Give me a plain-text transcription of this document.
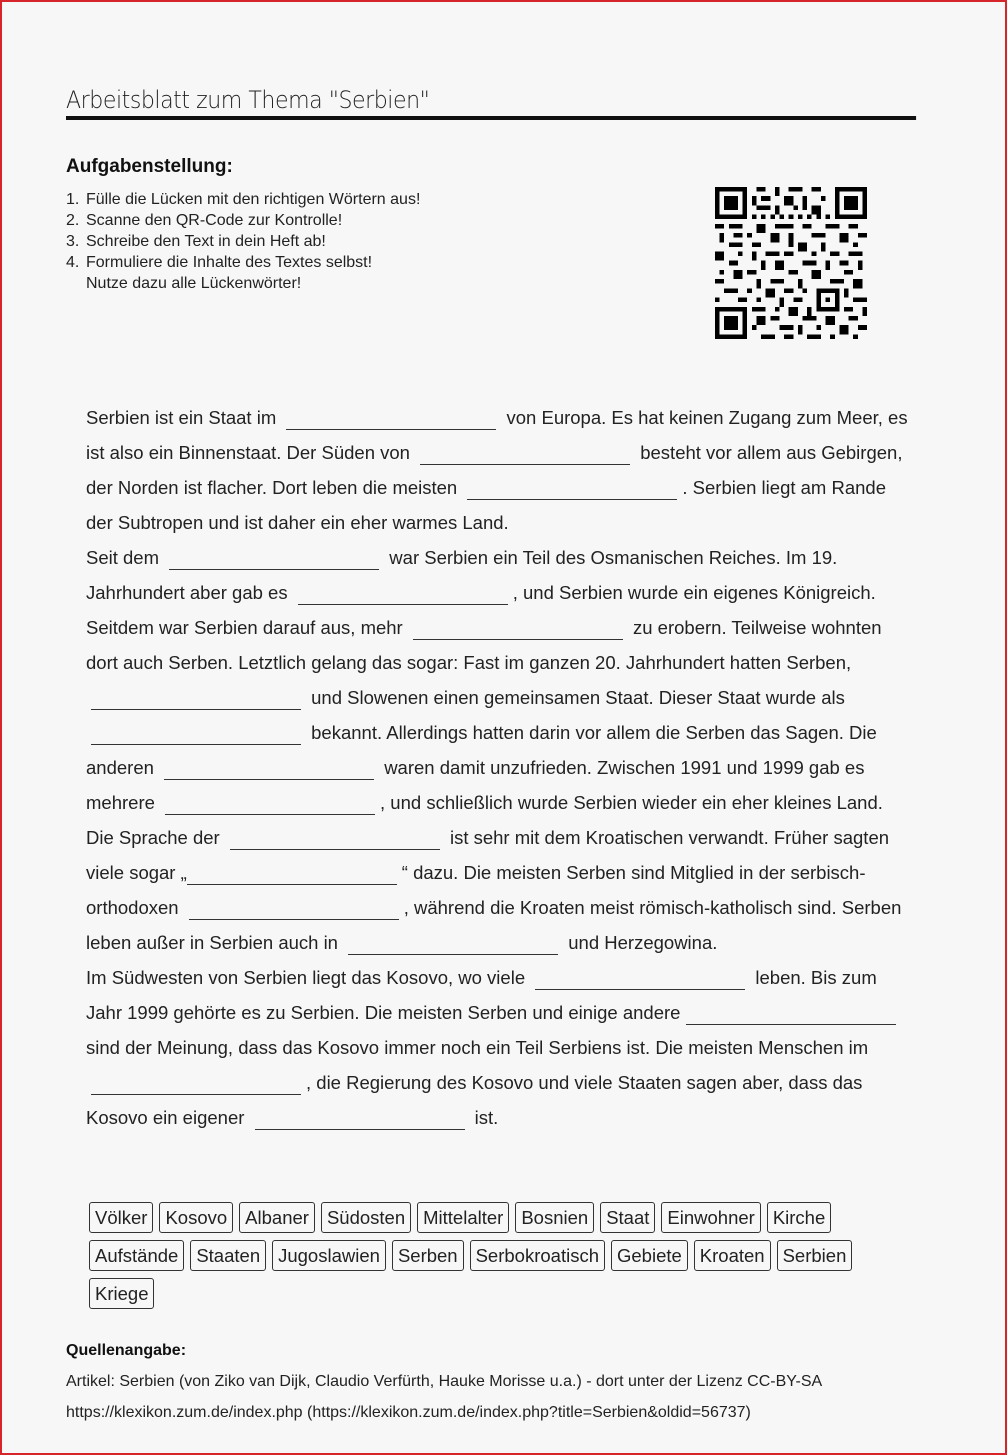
Arbeitsblatt zum Thema "Serbien"
Aufgabenstellung:
1. Fülle die Lücken mit den richtigen Wörtern aus!
2. Scanne den QR-Code zur Kontrolle!
3. Schreibe den Text in dein Heft ab!
4. Formuliere die Inhalte des Textes selbst!
Nutze dazu alle Lückenwörter!

Serbien ist ein Staat im	von Europa. Es hat keinen Zugang zum Meer, es ist also ein Binnenstaat. Der Süden von	besteht vor allem aus Gebirgen, der Norden ist flacher. Dort leben die meisten	. Serbien liegt am Rande der Subtropen und ist daher ein eher warmes Land.

Seit dem	war Serbien ein Teil des Osmanischen Reiches. Im 19. Jahrhundert aber gab es	, und Serbien wurde ein eigenes Königreich. Seitdem war Serbien darauf aus, mehr	zu erobern. Teilweise wohnten dort auch Serben. Letztlich gelang das sogar: Fast im ganzen 20. Jahrhundert hatten Serben,  und Slowenen einen gemeinsamen Staat. Dieser Staat wurde als  bekannt. Allerdings hatten darin vor allem die Serben das Sagen. Die anderen	waren damit unzufrieden. Zwischen 1991 und 1999 gab es mehrere	, und schließlich wurde Serbien wieder ein eher kleines Land.

Die Sprache der	ist sehr mit dem Kroatischen verwandt. Früher sagten viele sogar „	“ dazu. Die meisten Serben sind Mitglied in der serbisch-orthodoxen	, während die Kroaten meist römisch-katholisch sind. Serben leben außer in Serbien auch in	und Herzegowina.

Im Südwesten von Serbien liegt das Kosovo, wo viele	leben. Bis zum Jahr 1999 gehörte es zu Serbien. Die meisten Serben und einige andere  sind der Meinung, dass das Kosovo immer noch ein Teil Serbiens ist. Die meisten Menschen im , die Regierung des Kosovo und viele Staaten sagen aber, dass das Kosovo ein eigener	ist.

Völker Kosovo Albaner Südosten Mittelalter Bosnien Staat Einwohner Kirche
Aufstände Staaten Jugoslawien Serben Serbokroatisch Gebiete Kroaten Serbien
Kriege
Quellenangabe:
Artikel: Serbien (von Ziko van Dijk, Claudio Verfürth, Hauke Morisse u.a.) - dort unter der Lizenz CC-BY-SA
https://klexikon.zum.de/index.php (https://klexikon.zum.de/index.php?title=Serbien&oldid=56737)
